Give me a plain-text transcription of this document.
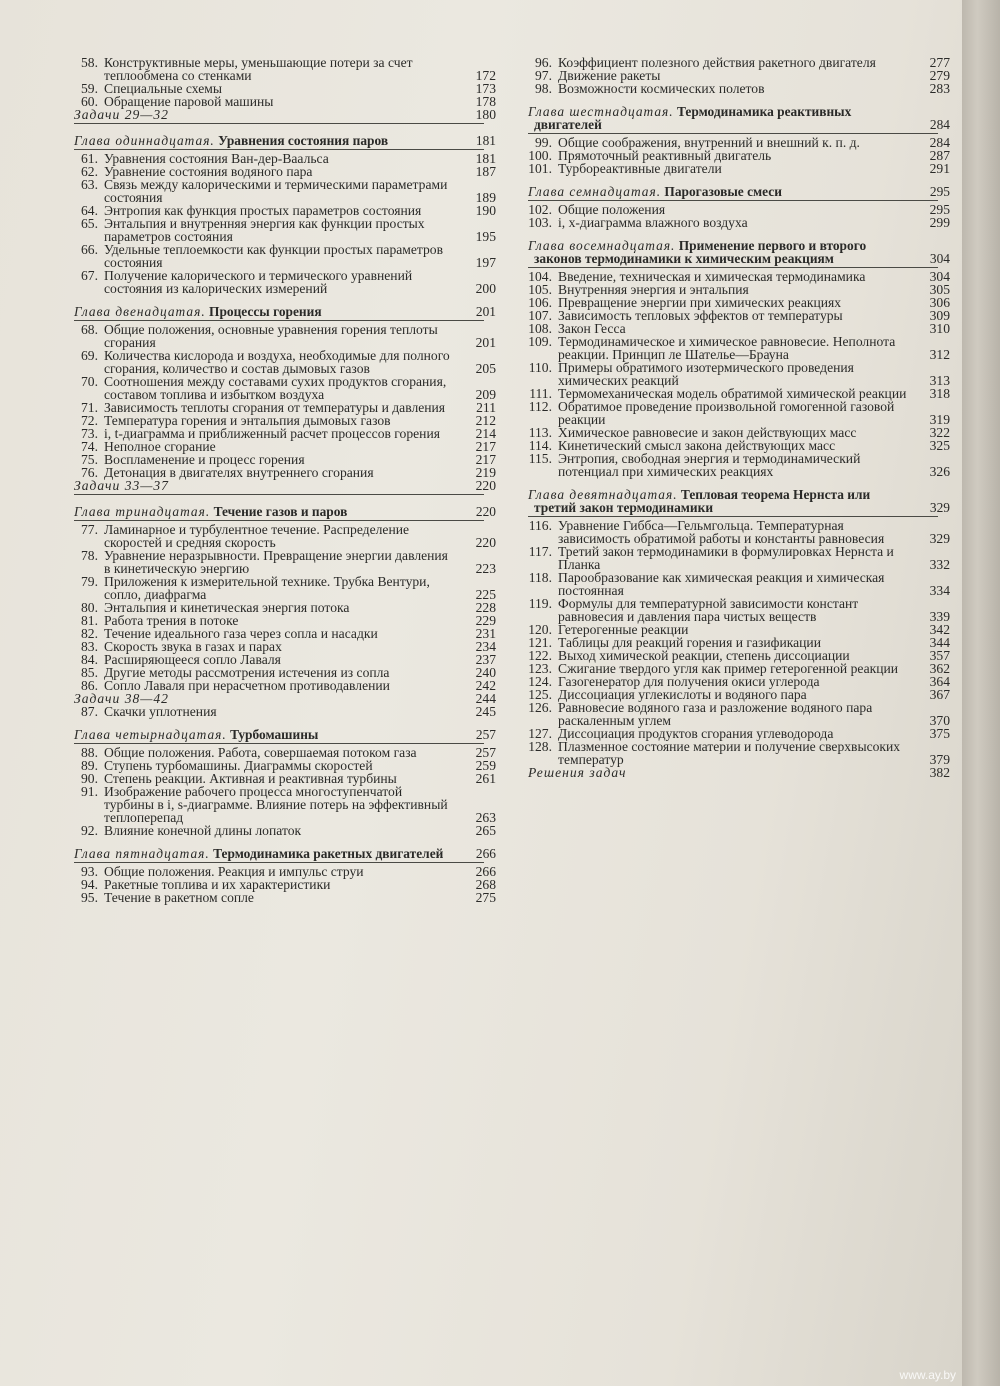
58. Конструктивные меры, уменьшающие потери за счет теплообмена со стенками	172
59. Специальные схемы	173
60. Обращение паровой машины	178
Задачи 29—32	180
Глава одиннадцатая. Уравнения состояния паров	181
61. Уравнения состояния Ван-дер-Ваальса	181
62. Уравнение состояния водяного пара	187
63. Связь между калорическими и термическими параметрами состояния	189
64. Энтропия как функция простых параметров состояния	190
65. Энтальпия и внутренняя энергия как функции простых параметров состояния	195
66. Удельные теплоемкости как функции простых параметров состояния	197
67. Получение калорического и термического уравнений состояния из калорических измерений	200
Глава двенадцатая. Процессы горения	201
68. Общие положения, основные уравнения горения теплоты сгорания	201
69. Количества кислорода и воздуха, необходимые для полного сгорания, количество и состав дымовых газов	205
70. Соотношения между составами сухих продуктов сгорания, составом топлива и избытком воздуха	209
71. Зависимость теплоты сгорания от температуры и давления	211
72. Температура горения и энтальпия дымовых газов	212
73. i, t-диаграмма и приближенный расчет процессов горения	214
74. Неполное сгорание	217
75. Воспламенение и процесс горения	217
76. Детонация в двигателях внутреннего сгорания	219
Задачи 33—37	220
Глава тринадцатая. Течение газов и паров	220
77. Ламинарное и турбулентное течение. Распределение скоростей и средняя скорость	220
78. Уравнение неразрывности. Превращение энергии давления в кинетическую энергию	223
79. Приложения к измерительной технике. Трубка Вентури, сопло, диафрагма	225
80. Энтальпия и кинетическая энергия потока	228
81. Работа трения в потоке	229
82. Течение идеального газа через сопла и насадки	231
83. Скорость звука в газах и парах	234
84. Расширяющееся сопло Лаваля	237
85. Другие методы рассмотрения истечения из сопла	240
86. Сопло Лаваля при нерасчетном противодавлении	242
Задачи 38—42	244
87. Скачки уплотнения	245
Глава четырнадцатая. Турбомашины	257
88. Общие положения. Работа, совершаемая потоком газа	257
89. Ступень турбомашины. Диаграммы скоростей	259
90. Степень реакции. Активная и реактивная турбины	261
91. Изображение рабочего процесса многоступенчатой турбины в i, s-диаграмме. Влияние потерь на эффективный теплоперепад	263
92. Влияние конечной длины лопаток	265
Глава пятнадцатая. Термодинамика ракетных двигателей	266
93. Общие положения. Реакция и импульс струи	266
94. Ракетные топлива и их характеристики	268
95. Течение в ракетном сопле	275
96. Коэффициент полезного действия ракетного двигателя	277
97. Движение ракеты	279
98. Возможности космических полетов	283
Глава шестнадцатая. Термодинамика реактивных двигателей	284
99. Общие соображения, внутренний и внешний к. п. д.	284
100. Прямоточный реактивный двигатель	287
101. Турбореактивные двигатели	291
Глава семнадцатая. Парогазовые смеси	295
102. Общие положения	295
103. i, x-диаграмма влажного воздуха	299
Глава восемнадцатая. Применение первого и второго законов термодинамики к химическим реакциям	304
104. Введение, техническая и химическая термодинамика	304
105. Внутренняя энергия и энтальпия	305
106. Превращение энергии при химических реакциях	306
107. Зависимость тепловых эффектов от температуры	309
108. Закон Гесса	310
109. Термодинамическое и химическое равновесие. Неполнота реакции. Принцип ле Шателье—Брауна	312
110. Примеры обратимого изотермического проведения химических реакций	313
111. Термомеханическая модель обратимой химической реакции 318
112. Обратимое проведение произвольной гомогенной газовой реакции	319
113. Химическое равновесие и закон действующих масс	322
114. Кинетический смысл закона действующих масс	325
115. Энтропия, свободная энергия и термодинамический потенциал при химических реакциях	326
Глава девятнадцатая. Тепловая теорема Нернста или третий закон термодинамики	329
116. Уравнение Гиббса—Гельмгольца. Температурная зависимость обратимой работы и константы равновесия	329
117. Третий закон термодинамики в формулировках Нернста и Планка	332
118. Парообразование как химическая реакция и химическая постоянная	334
119. Формулы для температурной зависимости констант равновесия и давления пара чистых веществ	339
120. Гетерогенные реакции	342
121. Таблицы для реакций горения и газификации	344
122. Выход химической реакции, степень диссоциации	357
123. Сжигание твердого угля как пример гетерогенной реакции	362
124. Газогенератор для получения окиси углерода	364
125. Диссоциация углекислоты и водяного пара	367
126. Равновесие водяного газа и разложение водяного пара раскаленным углем	370
127. Диссоциация продуктов сгорания углеводорода	375
128. Плазменное состояние материи и получение сверхвысоких температур	379
Решения задач	382
www.ay.by
